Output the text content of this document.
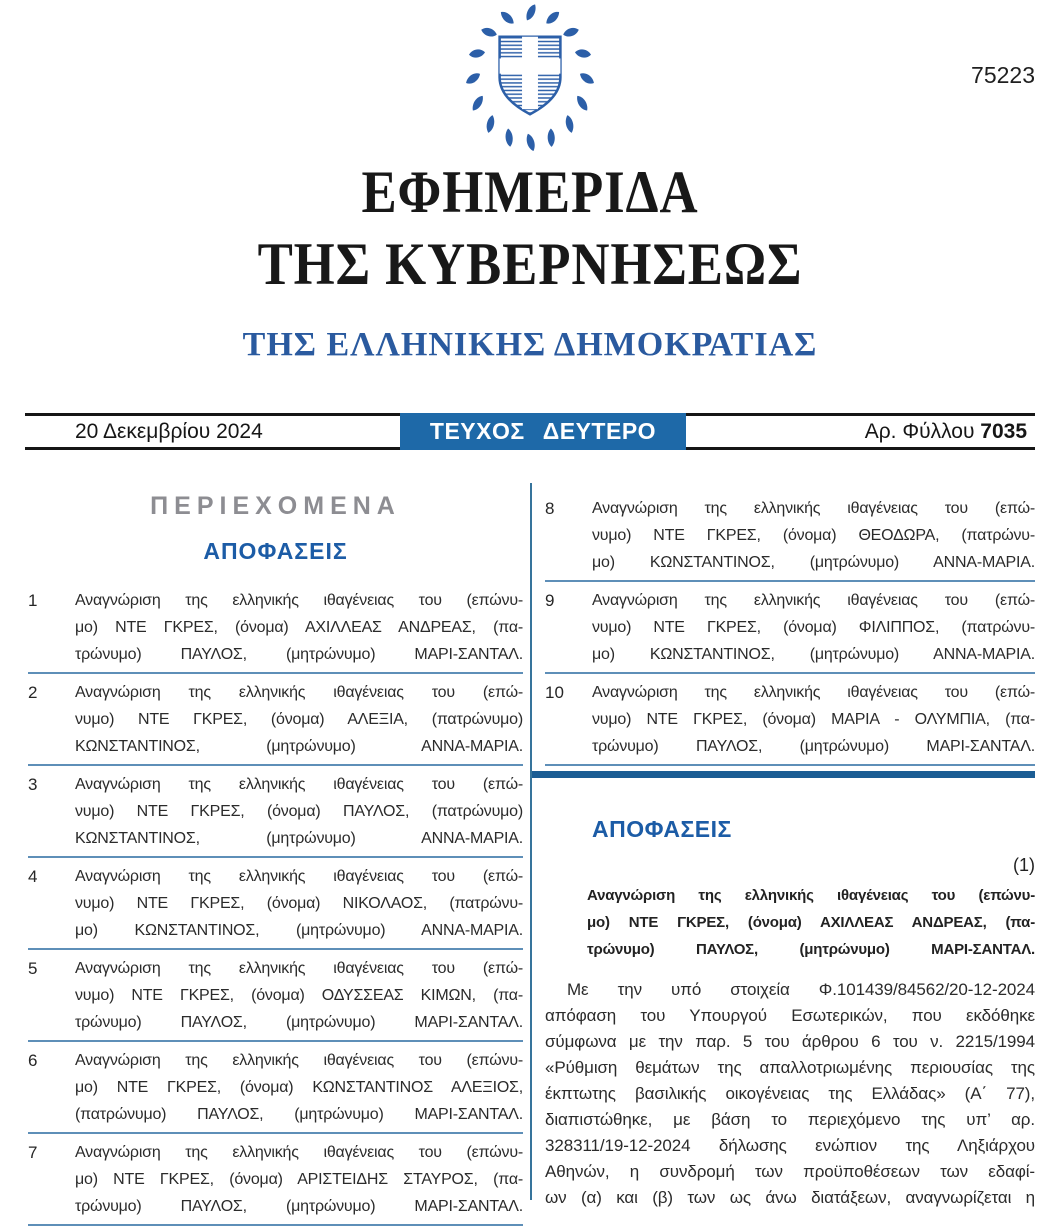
75223
ΕΦΗΜΕΡΙΔΑ
ΤΗΣ ΚΥΒΕΡΝΗΣΕΩΣ
ΤΗΣ ΕΛΛΗΝΙΚΗΣ ΔΗΜΟΚΡΑΤΙΑΣ
20 Δεκεμβρίου 2024	ΤΕΥΧΟΣ ΔΕΥΤΕΡΟ	Αρ. Φύλλου 7035
ΠΕΡΙΕΧΟΜΕΝΑ
ΑΠΟΦΑΣΕΙΣ
1	Αναγνώριση της ελληνικής ιθαγένειας του (επώνυ-
μο) ΝΤΕ ΓΚΡΕΣ, (όνομα) ΑΧΙΛΛΕΑΣ ΑΝΔΡΕΑΣ, (πα-
τρώνυμο) ΠΑΥΛΟΣ, (μητρώνυμο) ΜΑΡΙ-ΣΑΝΤΑΛ.
2	Αναγνώριση της ελληνικής ιθαγένειας του (επώ-
νυμο) ΝΤΕ ΓΚΡΕΣ, (όνομα) ΑΛΕΞΙΑ, (πατρώνυμο)
ΚΩΝΣΤΑΝΤΙΝΟΣ, (μητρώνυμο) ΑΝΝΑ-ΜΑΡΙΑ.
3	Αναγνώριση της ελληνικής ιθαγένειας του (επώ-
νυμο) ΝΤΕ ΓΚΡΕΣ, (όνομα) ΠΑΥΛΟΣ, (πατρώνυμο)
ΚΩΝΣΤΑΝΤΙΝΟΣ, (μητρώνυμο) ΑΝΝΑ-ΜΑΡΙΑ.
4	Αναγνώριση της ελληνικής ιθαγένειας του (επώ-
νυμο) ΝΤΕ ΓΚΡΕΣ, (όνομα) ΝΙΚΟΛΑΟΣ, (πατρώνυ-
μο) ΚΩΝΣΤΑΝΤΙΝΟΣ, (μητρώνυμο) ΑΝΝΑ-ΜΑΡΙΑ.
5	Αναγνώριση της ελληνικής ιθαγένειας του (επώ-
νυμο) ΝΤΕ ΓΚΡΕΣ, (όνομα) ΟΔΥΣΣΕΑΣ ΚΙΜΩΝ, (πα-
τρώνυμο) ΠΑΥΛΟΣ, (μητρώνυμο) ΜΑΡΙ-ΣΑΝΤΑΛ.
6	Αναγνώριση της ελληνικής ιθαγένειας του (επώνυ-
μο) ΝΤΕ ΓΚΡΕΣ, (όνομα) ΚΩΝΣΤΑΝΤΙΝΟΣ ΑΛΕΞΙΟΣ,
(πατρώνυμο) ΠΑΥΛΟΣ, (μητρώνυμο) ΜΑΡΙ-ΣΑΝΤΑΛ.
7	Αναγνώριση της ελληνικής ιθαγένειας του (επώνυ-
μο) ΝΤΕ ΓΚΡΕΣ, (όνομα) ΑΡΙΣΤΕΙΔΗΣ ΣΤΑΥΡΟΣ, (πα-
τρώνυμο) ΠΑΥΛΟΣ, (μητρώνυμο) ΜΑΡΙ-ΣΑΝΤΑΛ.
8	Αναγνώριση της ελληνικής ιθαγένειας του (επώ-
νυμο) ΝΤΕ ΓΚΡΕΣ, (όνομα) ΘΕΟΔΩΡΑ, (πατρώνυ-
μο) ΚΩΝΣΤΑΝΤΙΝΟΣ, (μητρώνυμο) ΑΝΝΑ-ΜΑΡΙΑ.
9	Αναγνώριση της ελληνικής ιθαγένειας του (επώ-
νυμο) ΝΤΕ ΓΚΡΕΣ, (όνομα) ΦΙΛΙΠΠΟΣ, (πατρώνυ-
μο) ΚΩΝΣΤΑΝΤΙΝΟΣ, (μητρώνυμο) ΑΝΝΑ-ΜΑΡΙΑ.
10	Αναγνώριση της ελληνικής ιθαγένειας του (επώ-
νυμο) ΝΤΕ ΓΚΡΕΣ, (όνομα) ΜΑΡΙΑ - ΟΛΥΜΠΙΑ, (πα-
τρώνυμο) ΠΑΥΛΟΣ, (μητρώνυμο) ΜΑΡΙ-ΣΑΝΤΑΛ.
ΑΠΟΦΑΣΕΙΣ
(1)
Αναγνώριση της ελληνικής ιθαγένειας του (επώνυ-
μο) ΝΤΕ ΓΚΡΕΣ, (όνομα) ΑΧΙΛΛΕΑΣ ΑΝΔΡΕΑΣ, (πα-
τρώνυμο) ΠΑΥΛΟΣ, (μητρώνυμο) ΜΑΡΙ-ΣΑΝΤΑΛ.
Με την υπό στοιχεία Φ.101439/84562/20-12-2024
απόφαση του Υπουργού Εσωτερικών, που εκδόθηκε
σύμφωνα με την παρ. 5 του άρθρου 6 του ν. 2215/1994
«Ρύθμιση θεμάτων της απαλλοτριωμένης περιουσίας της
έκπτωτης βασιλικής οικογένειας της Ελλάδας» (Α΄ 77),
διαπιστώθηκε, με βάση το περιεχόμενο της υπ’ αρ.
328311/19-12-2024 δήλωσης ενώπιον της Ληξιάρχου
Αθηνών, η συνδρομή των προϋποθέσεων των εδαφί-
ων (α) και (β) των ως άνω διατάξεων, αναγνωρίζεται η
